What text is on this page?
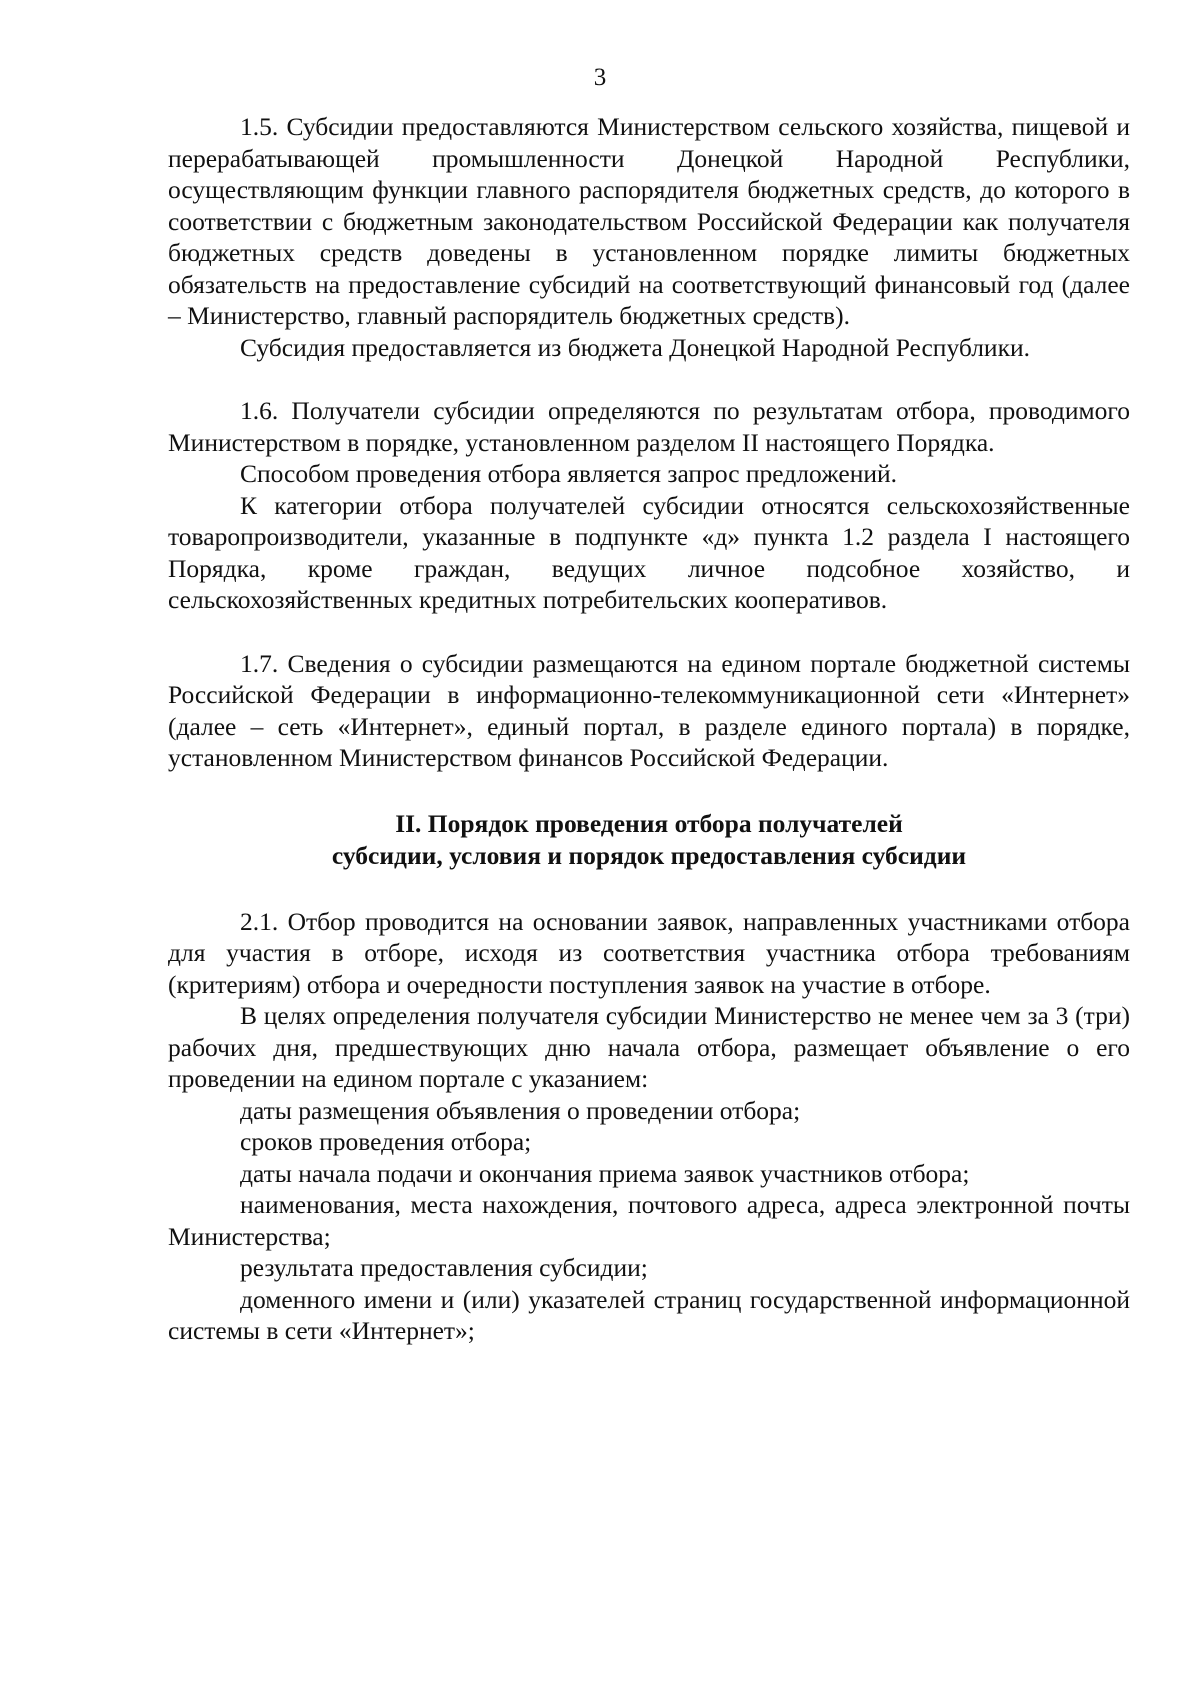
3

1.5. Субсидии предоставляются Министерством сельского хозяйства, пищевой и перерабатывающей промышленности Донецкой Народной Республики, осуществляющим функции главного распорядителя бюджетных средств, до которого в соответствии с бюджетным законодательством Российской Федерации как получателя бюджетных средств доведены в установленном порядке лимиты бюджетных обязательств на предоставление субсидий на соответствующий финансовый год (далее – Министерство, главный распорядитель бюджетных средств).

Субсидия предоставляется из бюджета Донецкой Народной Республики.

1.6. Получатели субсидии определяются по результатам отбора, проводимого Министерством в порядке, установленном разделом II настоящего Порядка.

Способом проведения отбора является запрос предложений.

К категории отбора получателей субсидии относятся сельскохозяйственные товаропроизводители, указанные в подпункте «д» пункта 1.2 раздела I настоящего Порядка, кроме граждан, ведущих личное подсобное хозяйство, и сельскохозяйственных кредитных потребительских кооперативов.

1.7. Сведения о субсидии размещаются на едином портале бюджетной системы Российской Федерации в информационно-телекоммуникационной сети «Интернет» (далее – сеть «Интернет», единый портал, в разделе единого портала) в порядке, установленном Министерством финансов Российской Федерации.

II. Порядок проведения отбора получателей
субсидии, условия и порядок предоставления субсидии

2.1. Отбор проводится на основании заявок, направленных участниками отбора для участия в отборе, исходя из соответствия участника отбора требованиям (критериям) отбора и очередности поступления заявок на участие в отборе.

В целях определения получателя субсидии Министерство не менее чем за 3 (три) рабочих дня, предшествующих дню начала отбора, размещает объявление о его проведении на едином портале с указанием:

даты размещения объявления о проведении отбора;

сроков проведения отбора;

даты начала подачи и окончания приема заявок участников отбора;

наименования, места нахождения, почтового адреса, адреса электронной почты Министерства;

результата предоставления субсидии;

доменного имени и (или) указателей страниц государственной информационной системы в сети «Интернет»;
